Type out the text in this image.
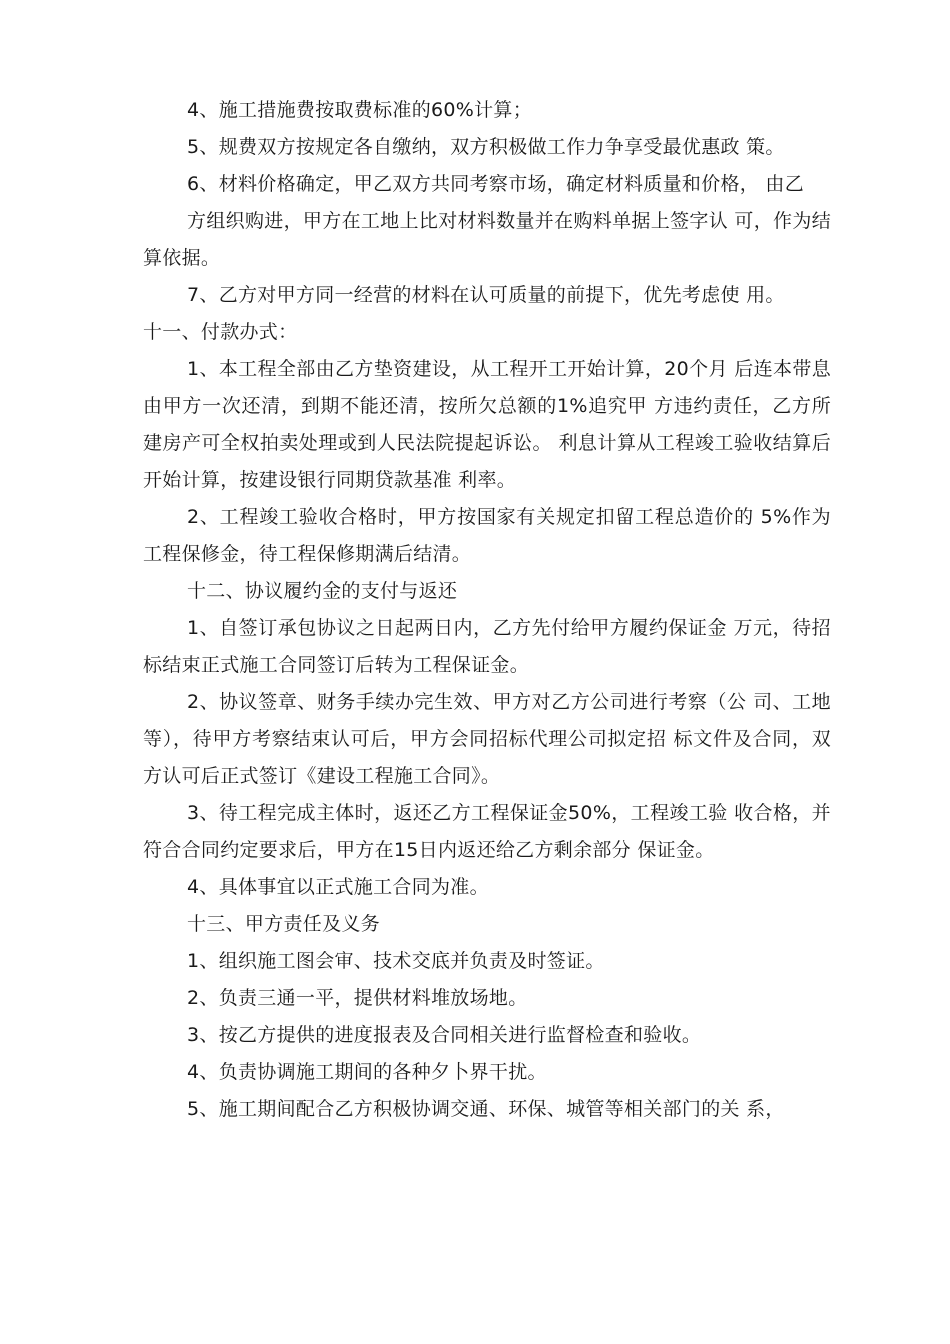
4、施工措施费按取费标准的60%计算；

5、规费双方按规定各自缴纳，双方积极做工作力争享受最优惠政 策。

6、材料价格确定，甲乙双方共同考察市场，确定材料质量和价格， 由乙

方组织购进，甲方在工地上比对材料数量并在购料单据上签字认 可，作为结算依据。

7、乙方对甲方同一经营的材料在认可质量的前提下，优先考虑使 用。

十一、付款办式：

1、本工程全部由乙方垫资建设，从工程开工开始计算，20个月 后连本带息由甲方一次还清，到期不能还清，按所欠总额的1%追究甲 方违约责任，乙方所建房产可全权拍卖处理或到人民法院提起诉讼。 利息计算从工程竣工验收结算后开始计算，按建设银行同期贷款基准 利率。

2、工程竣工验收合格时，甲方按国家有关规定扣留工程总造价的 5%作为工程保修金，待工程保修期满后结清。

十二、协议履约金的支付与返还

1、自签订承包协议之日起两日内，乙方先付给甲方履约保证金 万元，待招标结束正式施工合同签订后转为工程保证金。

2、协议签章、财务手续办完生效、甲方对乙方公司进行考察（公 司、工地等），待甲方考察结束认可后，甲方会同招标代理公司拟定招 标文件及合同，双方认可后正式签订《建设工程施工合同》。

3、待工程完成主体时，返还乙方工程保证金50%，工程竣工验 收合格，并符合合同约定要求后，甲方在15日内返还给乙方剩余部分 保证金。

4、具体事宜以正式施工合同为准。

十三、甲方责任及义务

1、组织施工图会审、技术交底并负责及时签证。

2、负责三通一平，提供材料堆放场地。

3、按乙方提供的进度报表及合同相关进行监督检查和验收。

4、负责协调施工期间的各种夕卜界干扰。

5、施工期间配合乙方积极协调交通、环保、城管等相关部门的关 系，
